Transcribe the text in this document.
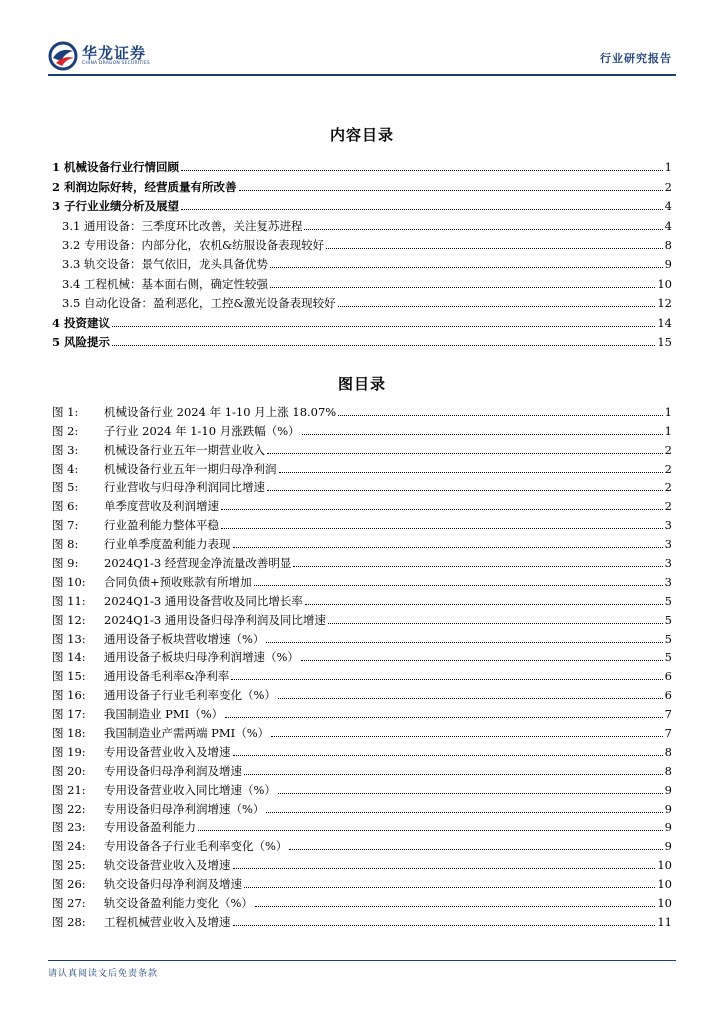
华龙证券
CHINA DRAGON SECURITIES	行业研究报告
内容目录
1 机械设备行业行情回顾	1
2 利润边际好转，经营质量有所改善	2
3 子行业业绩分析及展望	4
3.1 通用设备：三季度环比改善，关注复苏进程	4
3.2 专用设备：内部分化，农机&纺服设备表现较好	8
3.3 轨交设备：景气依旧，龙头具备优势	9
3.4 工程机械：基本面右侧，确定性较强	10
3.5 自动化设备：盈利恶化，工控&激光设备表现较好	12
4 投资建议	14
5 风险提示	15
图目录
图 1:	机械设备行业 2024 年 1-10 月上涨 18.07%	1
图 2:	子行业 2024 年 1-10 月涨跌幅（%）	1
图 3:	机械设备行业五年一期营业收入	2
图 4:	机械设备行业五年一期归母净利润	2
图 5:	行业营收与归母净利润同比增速	2
图 6:	单季度营收及利润增速	2
图 7:	行业盈利能力整体平稳	3
图 8:	行业单季度盈利能力表现	3
图 9:	2024Q1-3 经营现金净流量改善明显	3
图 10:	合同负债+预收账款有所增加	3
图 11:	2024Q1-3 通用设备营收及同比增长率	5
图 12:	2024Q1-3 通用设备归母净利润及同比增速	5
图 13:	通用设备子板块营收增速（%）	5
图 14:	通用设备子板块归母净利润增速（%）	5
图 15:	通用设备毛利率&净利率	6
图 16:	通用设备子行业毛利率变化（%）	6
图 17:	我国制造业 PMI（%）	7
图 18:	我国制造业产需两端 PMI（%）	7
图 19:	专用设备营业收入及增速	8
图 20:	专用设备归母净利润及增速	8
图 21:	专用设备营业收入同比增速（%）	9
图 22:	专用设备归母净利润增速（%）	9
图 23:	专用设备盈利能力	9
图 24:	专用设备各子行业毛利率变化（%）	9
图 25:	轨交设备营业收入及增速	10
图 26:	轨交设备归母净利润及增速	10
图 27:	轨交设备盈利能力变化（%）	10
图 28:	工程机械营业收入及增速	11
请认真阅读文后免责条款
